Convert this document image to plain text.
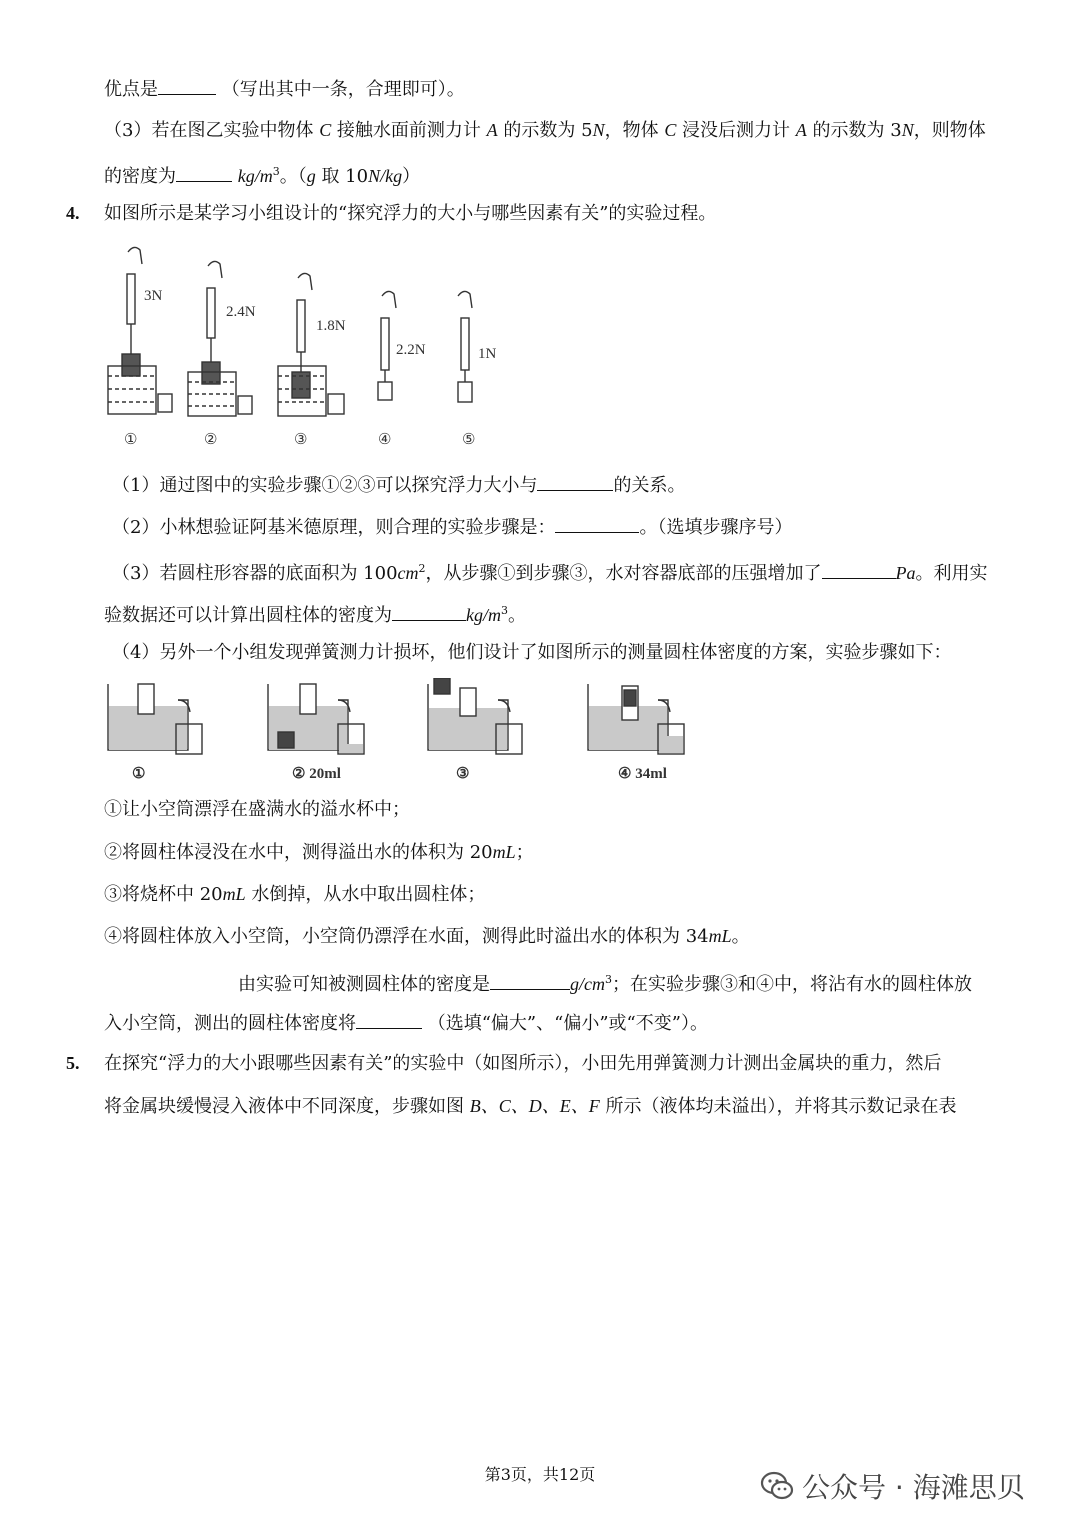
优点是	（写出其中一条，合理即可）。
（3）若在图乙实验中物体 C 接触水面前测力计 A 的示数为 5N，物体 C 浸没后测力计 A 的示数为 3N，则物体
的密度为	$kg/m^3$。（g 取 10N/kg）
4. 如图所示是某学习小组设计的“探究浮力的大小与哪些因素有关”的实验过程。
3N
2.4N
1.8N
2.2N	1N
①	②	③	④	⑤
（1）通过图中的实验步骤①②③可以探究浮力大小与	的关系。
（2）小林想验证阿基米德原理，则合理的实验步骤是：	。（选填步骤序号）
（3）若圆柱形容器的底面积为 $100cm^2$，从步骤①到步骤③，水对容器底部的压强增加了	Pa。利用实
验数据还可以计算出圆柱体的密度为	$kg/m^3$。
（4）另外一个小组发现弹簧测力计损坏，他们设计了如图所示的测量圆柱体密度的方案，实验步骤如下：
①	② 20ml	③	④ 34ml
①让小空筒漂浮在盛满水的溢水杯中；
②将圆柱体浸没在水中，测得溢出水的体积为 20mL；
③将烧杯中 20mL 水倒掉，从水中取出圆柱体；
④将圆柱体放入小空筒，小空筒仍漂浮在水面，测得此时溢出水的体积为 34mL。
由实验可知被测圆柱体的密度是	$g/cm^3$；在实验步骤③和④中，将沾有水的圆柱体放
入小空筒，测出的圆柱体密度将	（选填“偏大”、“偏小”或“不变”）。
5. 在探究“浮力的大小跟哪些因素有关”的实验中（如图所示），小田先用弹簧测力计测出金属块的重力，然后
将金属块缓慢浸入液体中不同深度，步骤如图 B、C、D、E、F 所示（液体均未溢出），并将其示数记录在表
第3页，共12页	公众号 · 海滩思贝
